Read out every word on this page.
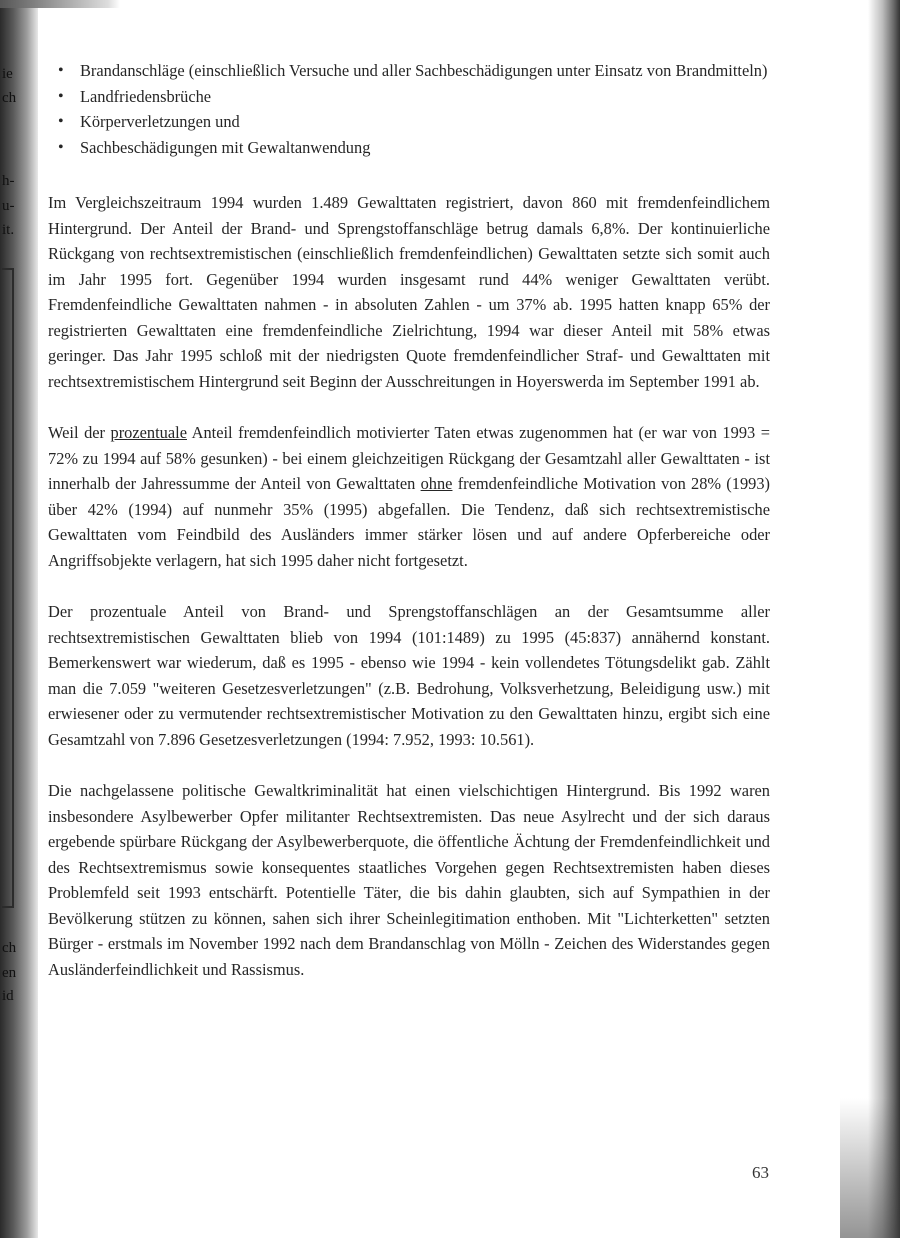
ie
ch
h-
u-
it.
ch
en
id
• Brandanschläge (einschließlich Versuche und aller Sachbeschädigungen unter Einsatz von Brandmitteln)
• Landfriedensbrüche
• Körperverletzungen und
• Sachbeschädigungen mit Gewaltanwendung

Im Vergleichszeitraum 1994 wurden 1.489 Gewalttaten registriert, davon 860 mit fremdenfeindlichem Hintergrund. Der Anteil der Brand- und Sprengstoffanschläge betrug damals 6,8%. Der kontinuierliche Rückgang von rechtsextremistischen (einschließlich fremdenfeindlichen) Gewalttaten setzte sich somit auch im Jahr 1995 fort. Gegenüber 1994 wurden insgesamt rund 44% weniger Gewalttaten verübt. Fremdenfeindliche Gewalttaten nahmen - in absoluten Zahlen - um 37% ab. 1995 hatten knapp 65% der registrierten Gewalttaten eine fremdenfeindliche Zielrichtung, 1994 war dieser Anteil mit 58% etwas geringer. Das Jahr 1995 schloß mit der niedrigsten Quote fremdenfeindlicher Straf- und Gewalttaten mit rechtsextremistischem Hintergrund seit Beginn der Ausschreitungen in Hoyerswerda im September 1991 ab.

Weil der prozentuale Anteil fremdenfeindlich motivierter Taten etwas zugenommen hat (er war von 1993 = 72% zu 1994 auf 58% gesunken) - bei einem gleichzeitigen Rückgang der Gesamtzahl aller Gewalttaten - ist innerhalb der Jahressumme der Anteil von Gewalttaten ohne fremdenfeindliche Motivation von 28% (1993) über 42% (1994) auf nunmehr 35% (1995) abgefallen. Die Tendenz, daß sich rechtsextremistische Gewalttaten vom Feindbild des Ausländers immer stärker lösen und auf andere Opferbereiche oder Angriffsobjekte verlagern, hat sich 1995 daher nicht fortgesetzt.

Der prozentuale Anteil von Brand- und Sprengstoffanschlägen an der Gesamtsumme aller rechtsextremistischen Gewalttaten blieb von 1994 (101:1489) zu 1995 (45:837) annähernd konstant. Bemerkenswert war wiederum, daß es 1995 - ebenso wie 1994 - kein vollendetes Tötungsdelikt gab. Zählt man die 7.059 "weiteren Gesetzesverletzungen" (z.B. Bedrohung, Volksverhetzung, Beleidigung usw.) mit erwiesener oder zu vermutender rechtsextremistischer Motivation zu den Gewalttaten hinzu, ergibt sich eine Gesamtzahl von 7.896 Gesetzesverletzungen (1994: 7.952, 1993: 10.561).

Die nachgelassene politische Gewaltkriminalität hat einen vielschichtigen Hintergrund. Bis 1992 waren insbesondere Asylbewerber Opfer militanter Rechtsextremisten. Das neue Asylrecht und der sich daraus ergebende spürbare Rückgang der Asylbewerberquote, die öffentliche Ächtung der Fremdenfeindlichkeit und des Rechtsextremismus sowie konsequentes staatliches Vorgehen gegen Rechtsextremisten haben dieses Problemfeld seit 1993 entschärft. Potentielle Täter, die bis dahin glaubten, sich auf Sympathien in der Bevölkerung stützen zu können, sahen sich ihrer Scheinlegitimation enthoben. Mit "Lichterketten" setzten Bürger - erstmals im November 1992 nach dem Brandanschlag von Mölln - Zeichen des Widerstandes gegen Ausländerfeindlichkeit und Rassismus.

63
